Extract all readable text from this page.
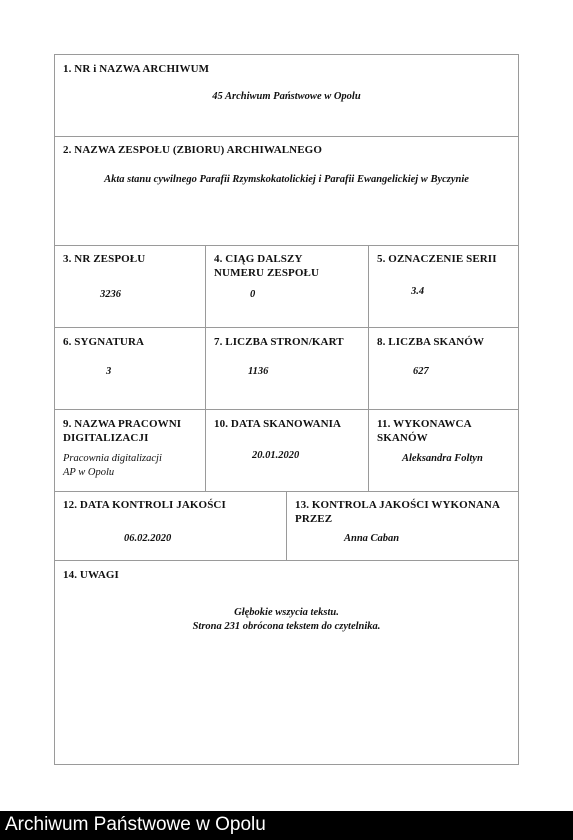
1. NR i NAZWA ARCHIWUM
45 Archiwum Państwowe w Opolu
2. NAZWA ZESPOŁU (ZBIORU) ARCHIWALNEGO
Akta stanu cywilnego Parafii Rzymskokatolickiej i Parafii Ewangelickiej w Byczynie
3. NR ZESPOŁU
3236
4. CIĄG DALSZY
NUMERU ZESPOŁU
0
5. OZNACZENIE SERII
3.4
6. SYGNATURA
3
7. LICZBA STRON/KART
1136
8. LICZBA SKANÓW
627
9. NAZWA PRACOWNI
DIGITALIZACJI
Pracownia digitalizacji
AP w Opolu
10. DATA SKANOWANIA
20.01.2020
11. WYKONAWCA
SKANÓW
Aleksandra Foltyn
12. DATA KONTROLI JAKOŚCI
06.02.2020
13. KONTROLA JAKOŚCI WYKONANA
PRZEZ
Anna Caban
14. UWAGI
Głębokie wszycia tekstu.
Strona 231 obrócona tekstem do czytelnika.
Archiwum Państwowe w Opolu
